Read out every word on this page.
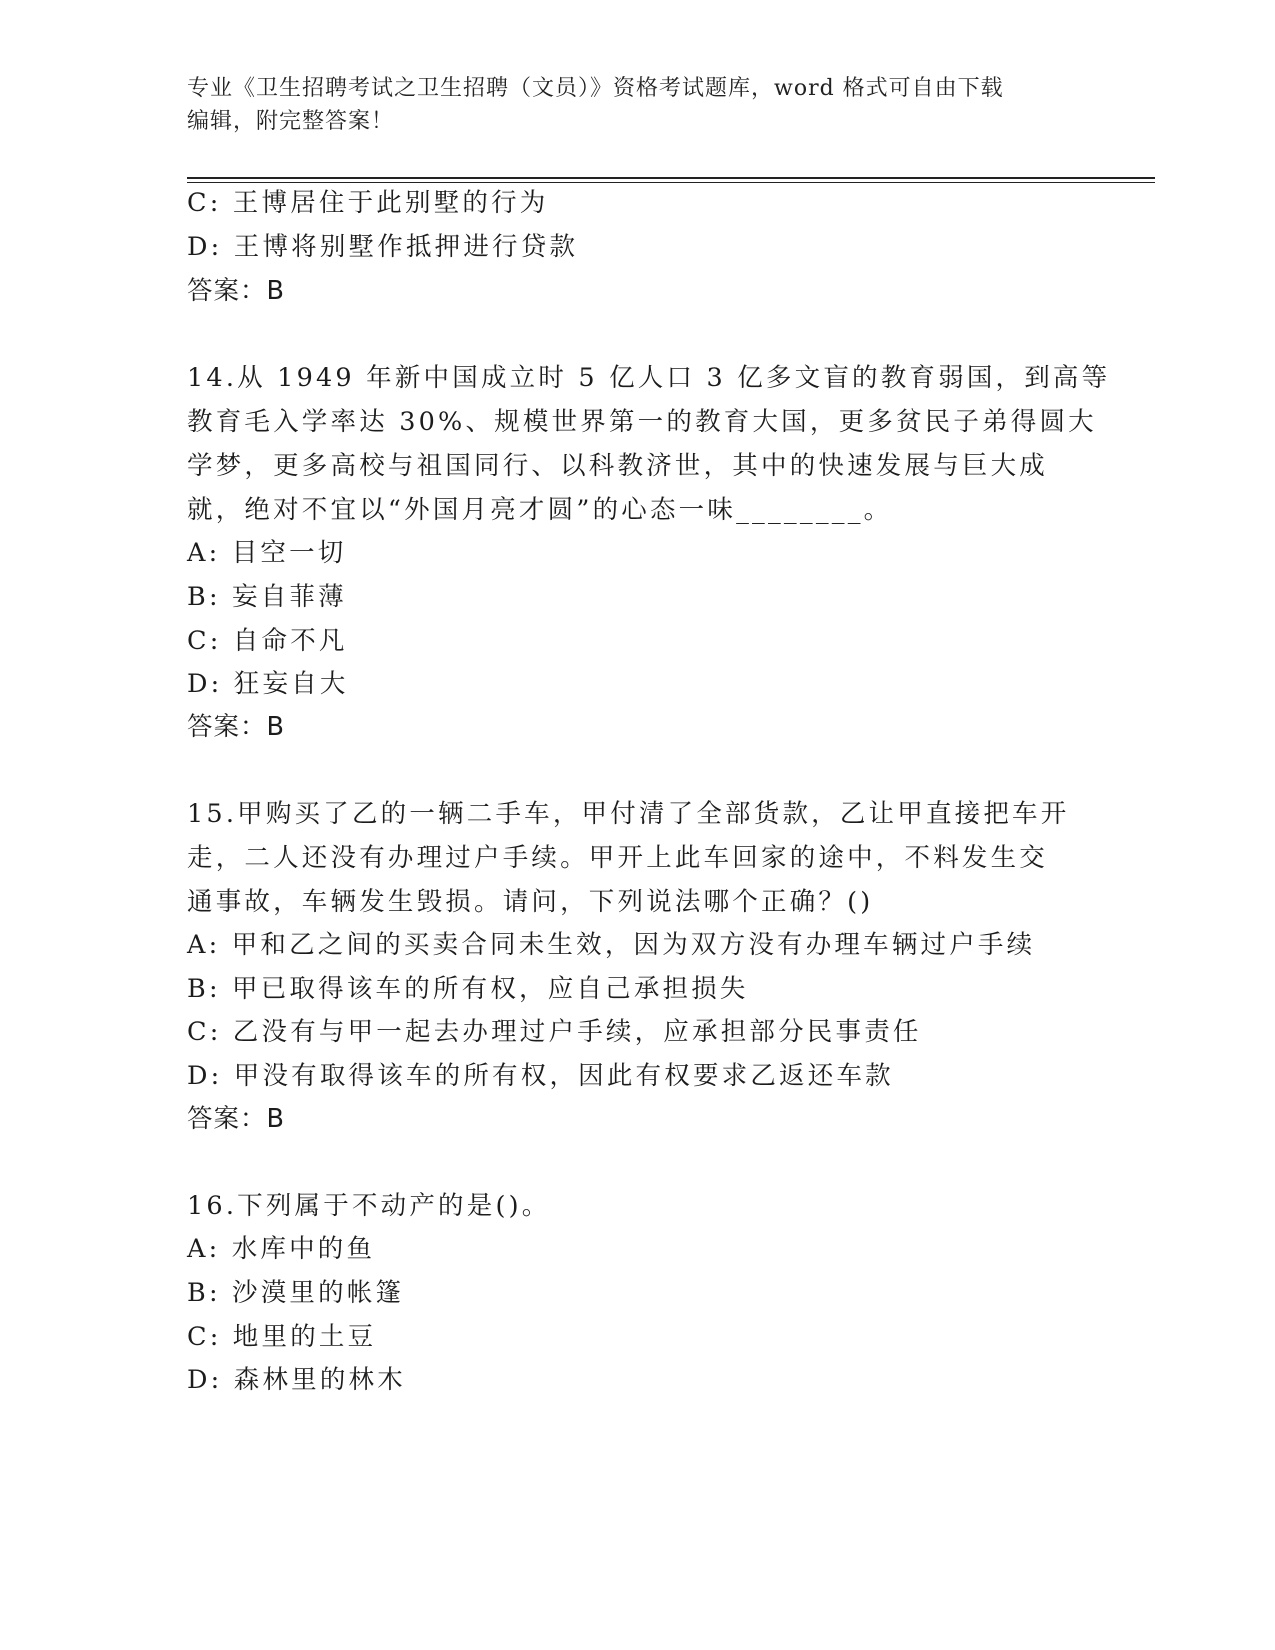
专业《卫生招聘考试之卫生招聘（文员）》资格考试题库，word 格式可自由下载
编辑，附完整答案！
C: 王博居住于此别墅的行为
D: 王博将别墅作抵押进行贷款
答案：B
14.从 1949 年新中国成立时 5 亿人口 3 亿多文盲的教育弱国，到高等
教育毛入学率达 30%、规模世界第一的教育大国，更多贫民子弟得圆大
学梦，更多高校与祖国同行、以科教济世，其中的快速发展与巨大成
就，绝对不宜以“外国月亮才圆”的心态一味________。
A: 目空一切
B: 妄自菲薄
C: 自命不凡
D: 狂妄自大
答案：B
15.甲购买了乙的一辆二手车，甲付清了全部货款，乙让甲直接把车开
走，二人还没有办理过户手续。甲开上此车回家的途中，不料发生交
通事故，车辆发生毁损。请问，下列说法哪个正确？()
A: 甲和乙之间的买卖合同未生效，因为双方没有办理车辆过户手续
B: 甲已取得该车的所有权，应自己承担损失
C: 乙没有与甲一起去办理过户手续，应承担部分民事责任
D: 甲没有取得该车的所有权，因此有权要求乙返还车款
答案：B
16.下列属于不动产的是()。
A: 水库中的鱼
B: 沙漠里的帐篷
C: 地里的土豆
D: 森林里的林木
